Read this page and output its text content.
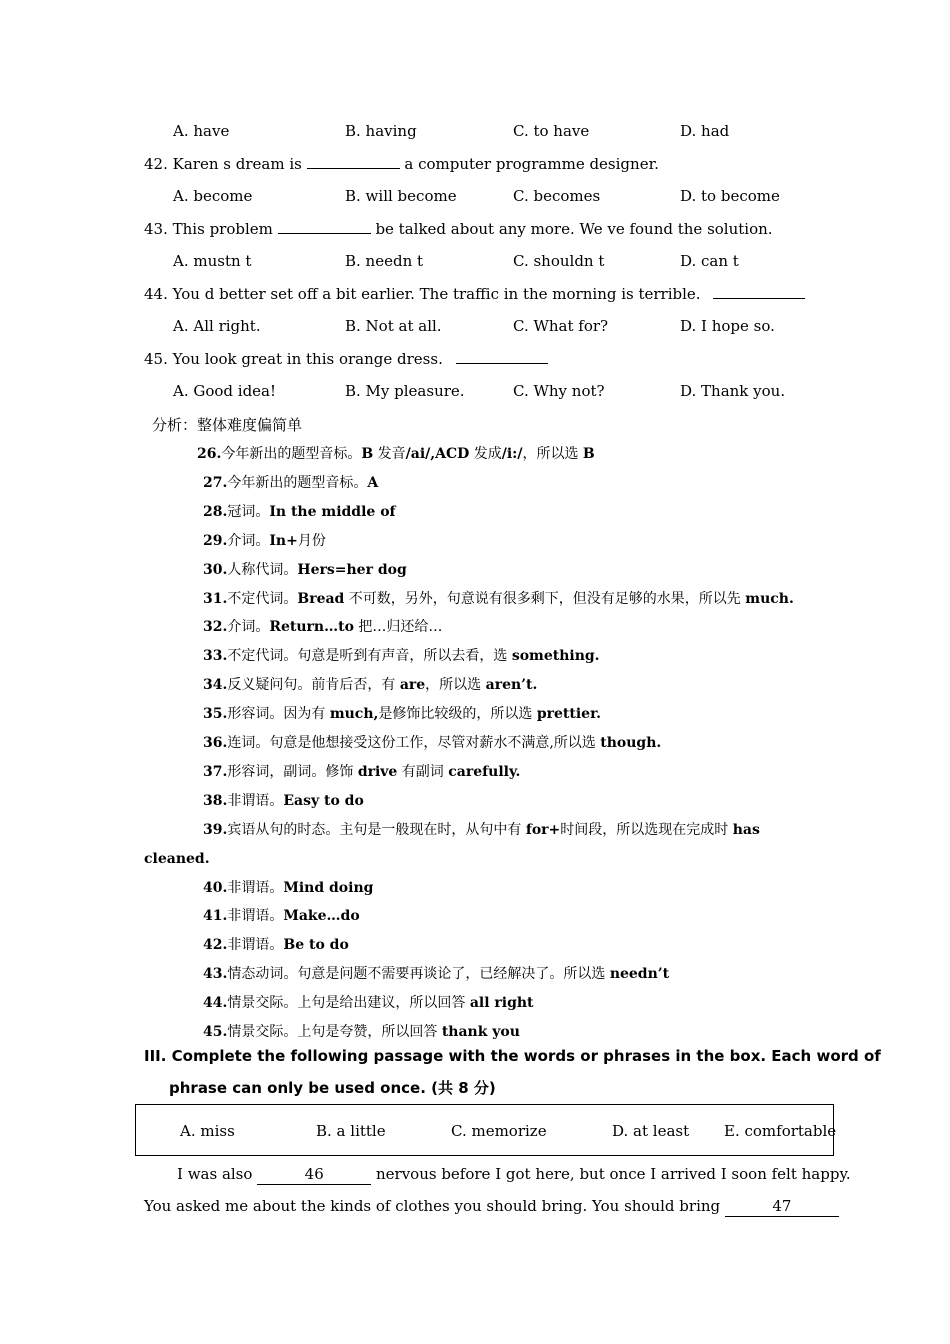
A. have	B. having	C. to have	D. had
42. Karen s dream is	a computer programme designer.
A. become	B. will become	C. becomes	D. to become
43. This problem	be talked about any more. We ve found the solution.
A. mustn t	B. needn t	C. shouldn t	D. can t
44. You d better set off a bit earlier. The traffic in the morning is terrible.
A. All right.	B. Not at all.	C. What for?	D. I hope so.
45. You look great in this orange dress.
A. Good idea!	B. My pleasure.	C. Why not?	D. Thank you.
分析：整体难度偏简单
26.今年新出的题型音标。B 发音/ai/,ACD 发成/i:/，所以选 B
27.今年新出的题型音标。A
28.冠词。In the middle of
29.介词。In+月份
30.人称代词。Hers=her dog
31.不定代词。Bread 不可数，另外，句意说有很多剩下，但没有足够的水果，所以先 much.
32.介词。Return…to 把…归还给…
33.不定代词。句意是听到有声音，所以去看，选 something.
34.反义疑问句。前肯后否，有 are，所以选 aren’t.
35.形容词。因为有 much,是修饰比较级的，所以选 prettier.
36.连词。句意是他想接受这份工作，尽管对薪水不满意,所以选 though.
37.形容词，副词。修饰 drive 有副词 carefully.
38.非谓语。Easy to do
39.宾语从句的时态。主句是一般现在时，从句中有 for+时间段，所以选现在完成时 has
cleaned.
40.非谓语。Mind doing
41.非谓语。Make…do
42.非谓语。Be to do
43.情态动词。句意是问题不需要再谈论了，已经解决了。所以选 needn’t
44.情景交际。上句是给出建议，所以回答 all right
45.情景交际。上句是夸赞，所以回答 thank you
III. Complete the following passage with the words or phrases in the box. Each word of
phrase can only be used once. (共 8 分)
A. miss	B. a little	C. memorize	D. at least E. comfortable
I was also	46	nervous before I got here, but once I arrived I soon felt happy.
You asked me about the kinds of clothes you should bring. You should bring	47
